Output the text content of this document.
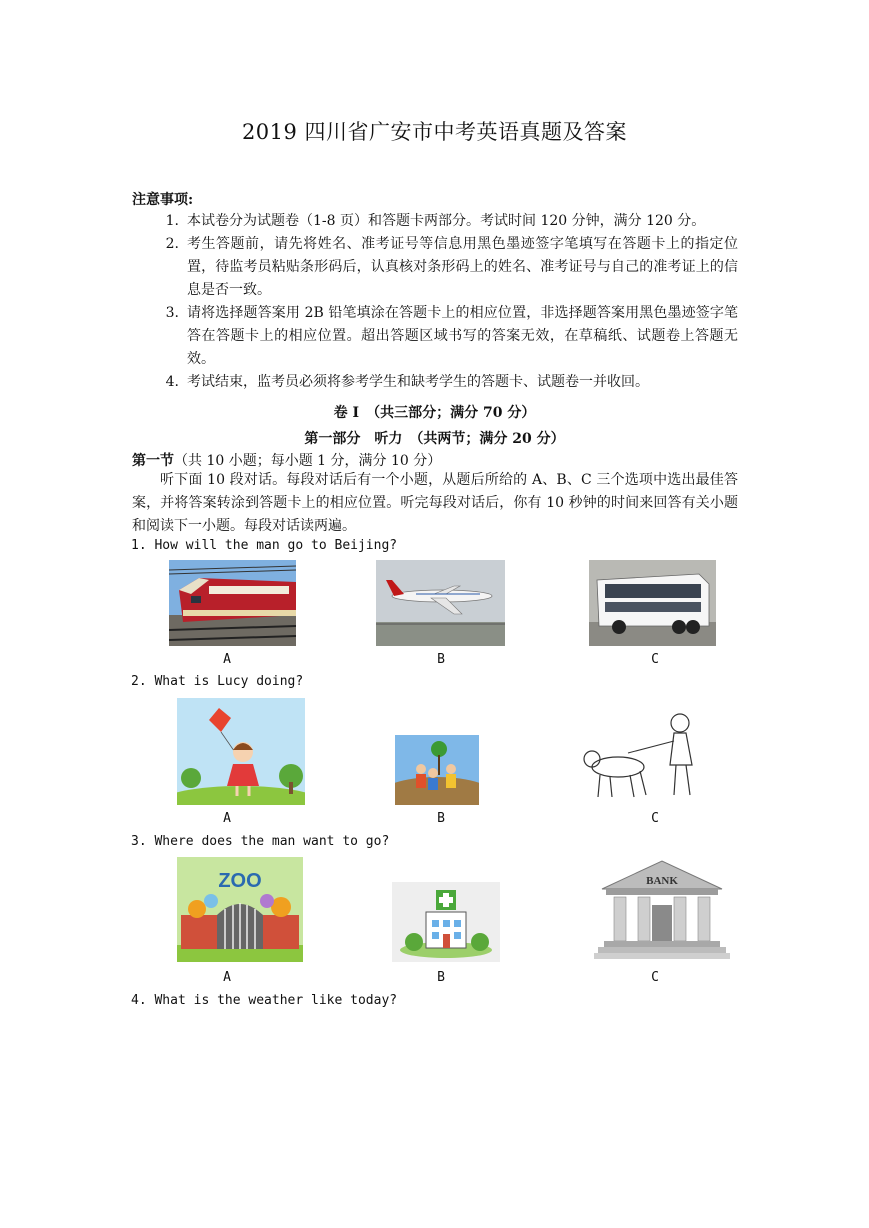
2019 四川省广安市中考英语真题及答案
注意事项:
1. 本试卷分为试题卷（1-8 页）和答题卡两部分。考试时间 120 分钟，满分 120 分。
2. 考生答题前，请先将姓名、准考证号等信息用黑色墨迹签字笔填写在答题卡上的指定位置，待监考员粘贴条形码后，认真核对条形码上的姓名、准考证号与自己的准考证上的信息是否一致。
3. 请将选择题答案用 2B 铅笔填涂在答题卡上的相应位置，非选择题答案用黑色墨迹签字笔答在答题卡上的相应位置。超出答题区域书写的答案无效，在草稿纸、试题卷上答题无效。
4. 考试结束，监考员必须将参考学生和缺考学生的答题卡、试题卷一并收回。
卷 I　（共三部分；满分 70 分）
第一部分　听力　（共两节；满分 20 分）
第一节（共 10 小题；每小题 1 分，满分 10 分）
听下面 10 段对话。每段对话后有一个小题，从题后所给的 A、B、C 三个选项中选出最佳答案，并将答案转涂到答题卡上的相应位置。听完每段对话后，你有 10 秒钟的时间来回答有关小题和阅读下一小题。每段对话读两遍。
1. How will the man go to Beijing?
A	B	C
2. What is Lucy doing?
A	B	C
3. Where does the man want to go?
ZOO	BANK
A	B	C
4. What is the weather like today?
